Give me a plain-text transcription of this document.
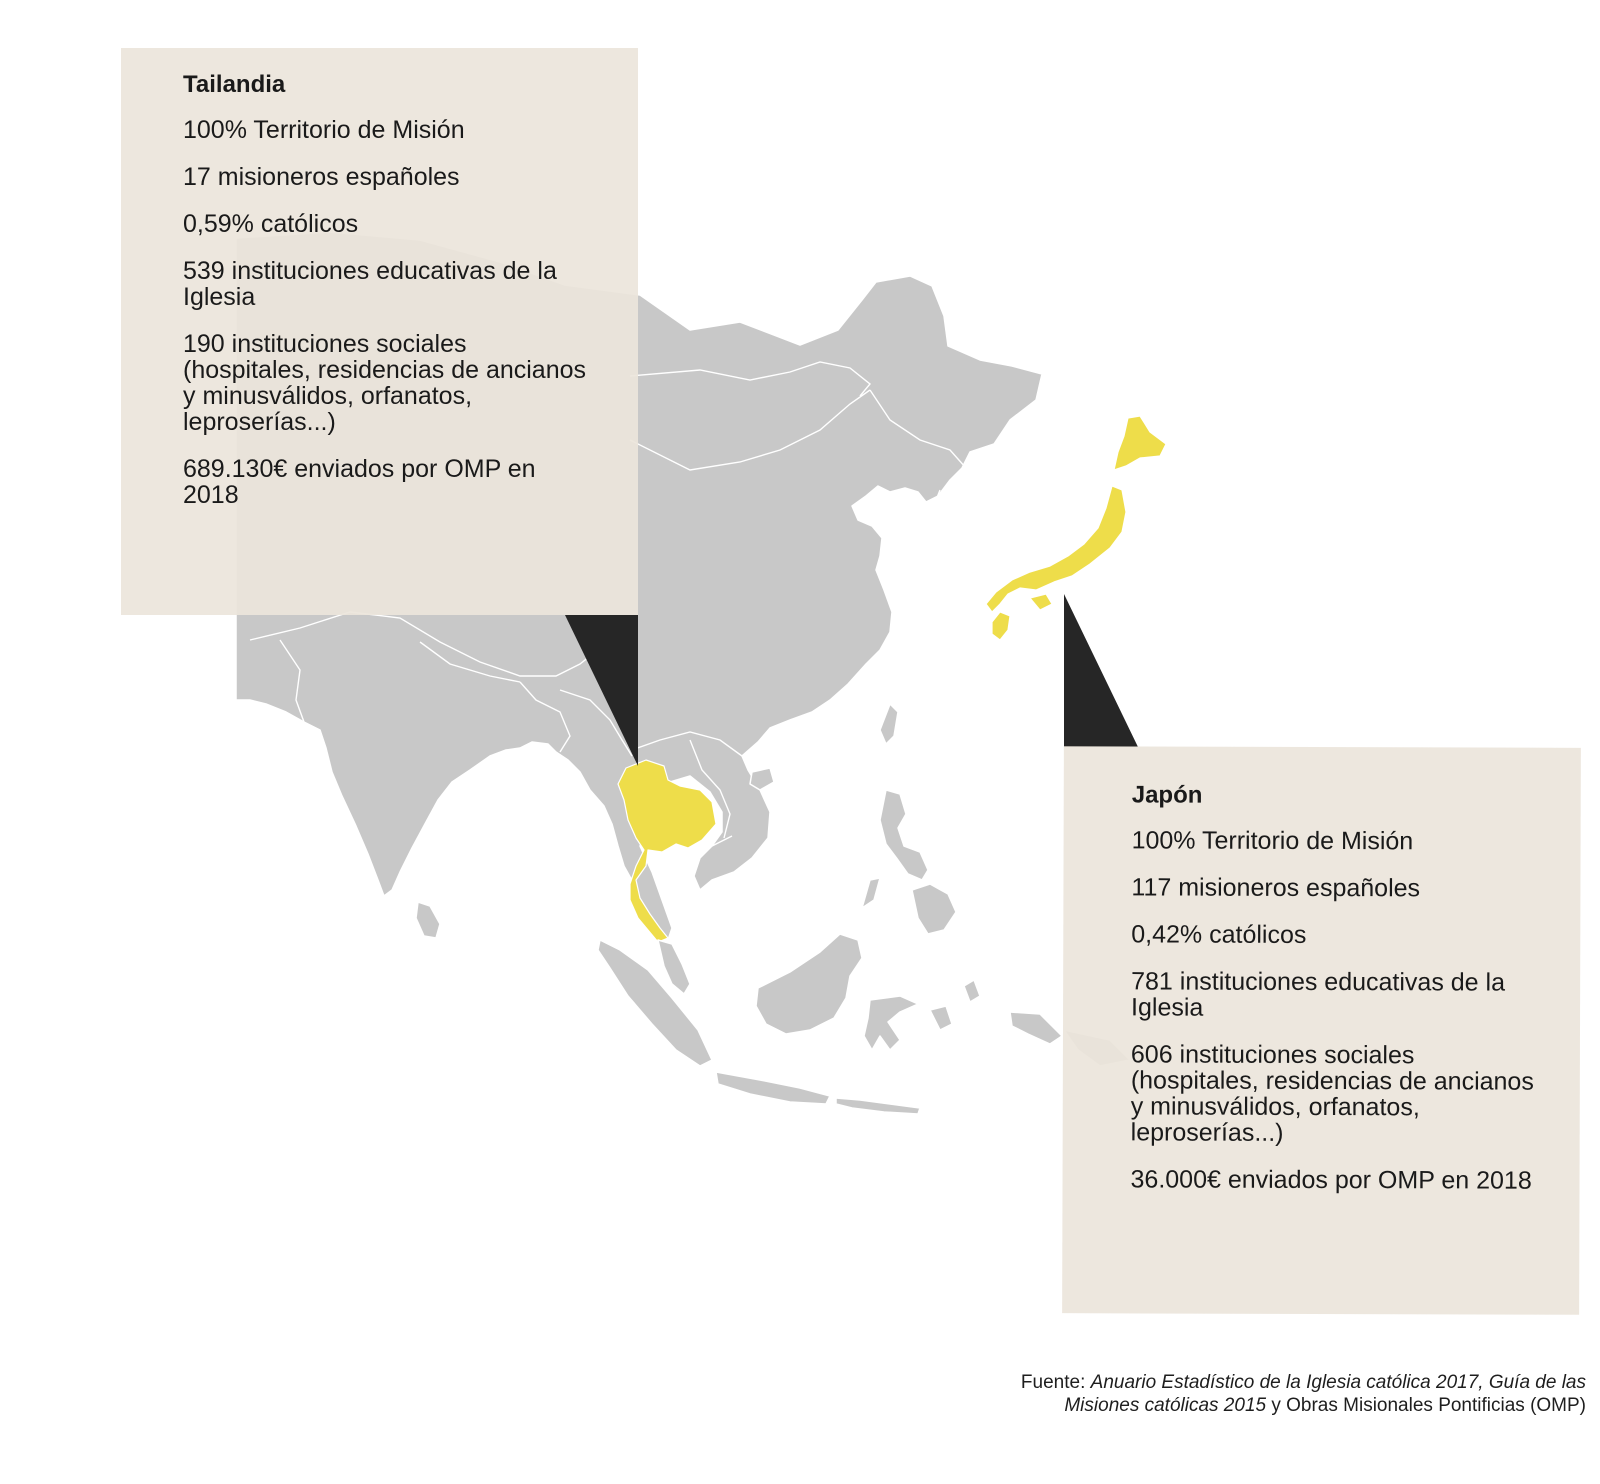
Tailandia

100% Territorio de Misión

17 misioneros españoles

0,59% católicos

539 instituciones educativas de la Iglesia

190 instituciones sociales (hospitales, residencias de ancianos y minusválidos, orfanatos, leproserías...)

689.130€ enviados por OMP en 2018

Japón

100% Territorio de Misión

117 misioneros españoles

0,42% católicos

781 instituciones educativas de la Iglesia

606 instituciones sociales (hospitales, residencias de ancianos y minusválidos, orfanatos, leproserías...)

36.000€ enviados por OMP en 2018

Fuente: Anuario Estadístico de la Iglesia católica 2017, Guía de las
Misiones católicas 2015 y Obras Misionales Pontificias (OMP)
